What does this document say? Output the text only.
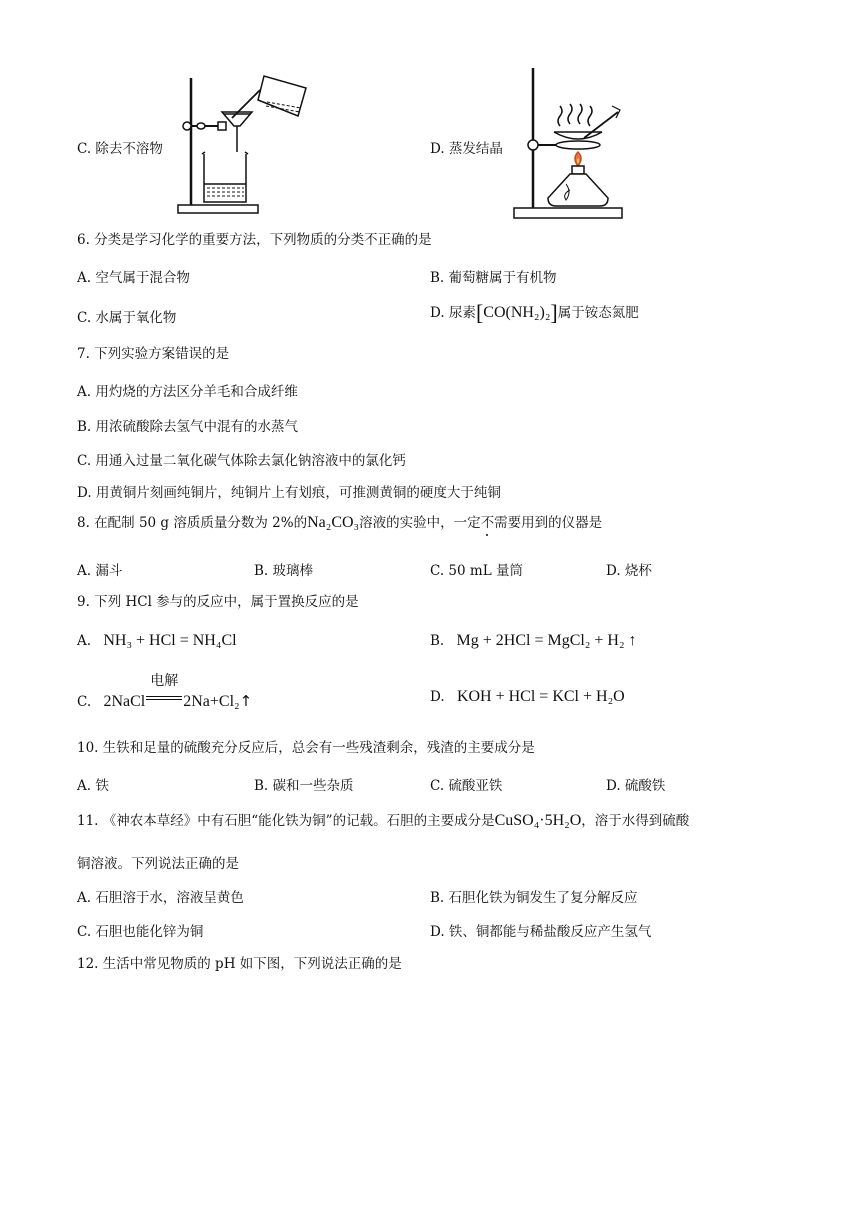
C. 除去不溶物	D. 蒸发结晶
6. 分类是学习化学的重要方法，下列物质的分类不正确的是
A. 空气属于混合物	B. 葡萄糖属于有机物
C. 水属于氧化物	D. 尿素[CO(NH₂)₂]属于铵态氮肥
7. 下列实验方案错误的是
A. 用灼烧的方法区分羊毛和合成纤维
B. 用浓硫酸除去氢气中混有的水蒸气
C. 用通入过量二氧化碳气体除去氯化钠溶液中的氯化钙
D. 用黄铜片刻画纯铜片，纯铜片上有划痕，可推测黄铜的硬度大于纯铜
8. 在配制 50 g 溶质质量分数为 2%的Na₂CO₃溶液的实验中，一定不需要用到的仪器是
A. 漏斗	B. 玻璃棒	C. 50 mL 量筒	D. 烧杯
9. 下列 HCl 参与的反应中，属于置换反应的是
A. NH₃ + HCl = NH₄Cl	B. Mg + 2HCl = MgCl₂ + H₂ ↑
C. 2NaCl
电解
2Na+Cl₂↑	D. KOH + HCl = KCl + H₂O
10. 生铁和足量的硫酸充分反应后，总会有一些残渣剩余，残渣的主要成分是
A. 铁	B. 碳和一些杂质	C. 硫酸亚铁	D. 硫酸铁
11. 《神农本草经》中有石胆“能化铁为铜”的记载。石胆的主要成分是CuSO₄·5H₂O，溶于水得到硫酸
铜溶液。下列说法正确的是
A. 石胆溶于水，溶液呈黄色	B. 石胆化铁为铜发生了复分解反应
C. 石胆也能化锌为铜	D. 铁、铜都能与稀盐酸反应产生氢气
12. 生活中常见物质的 pH 如下图，下列说法正确的是
